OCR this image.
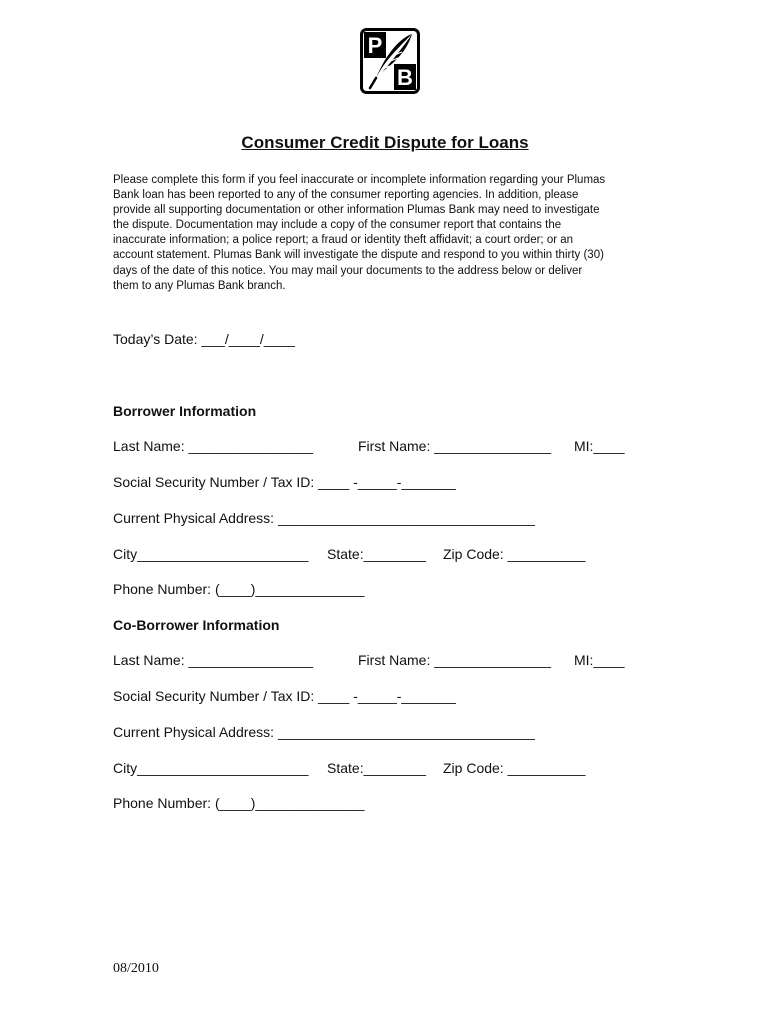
P
B
Consumer Credit Dispute for Loans
Please complete this form if you feel inaccurate or incomplete information regarding your Plumas
Bank loan has been reported to any of the consumer reporting agencies. In addition, please
provide all supporting documentation or other information Plumas Bank may need to investigate
the dispute. Documentation may include a copy of the consumer report that contains the
inaccurate information; a police report; a fraud or identity theft affidavit; a court order; or an
account statement. Plumas Bank will investigate the dispute and respond to you within thirty (30)
days of the date of this notice. You may mail your documents to the address below or deliver
them to any Plumas Bank branch.
Today’s Date: ___/____/____
Borrower Information
Last Name: ________________	First Name: _______________ MI:____
Social Security Number / Tax ID: ____ -_____-_______
Current Physical Address: _________________________________
City______________________ State:________ Zip Code: __________
Phone Number: (____)______________
Co-Borrower Information
Last Name: ________________	First Name: _______________ MI:____
Social Security Number / Tax ID: ____ -_____-_______
Current Physical Address: _________________________________
City______________________ State:________ Zip Code: __________
Phone Number: (____)______________
08/2010
